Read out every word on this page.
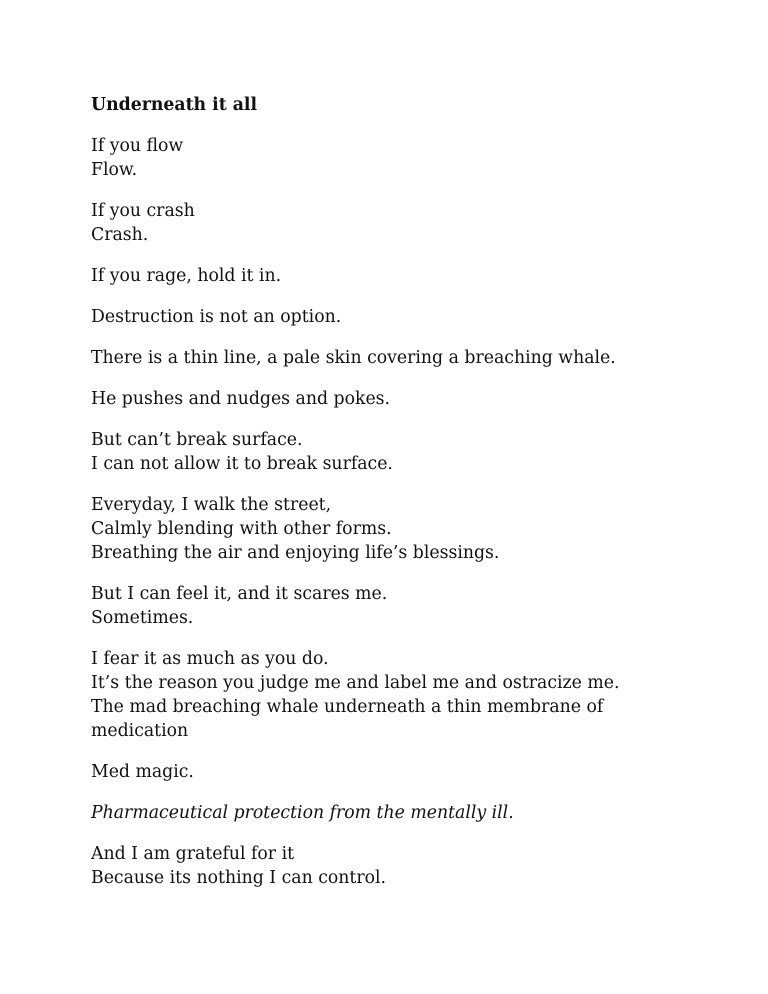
Underneath it all
If you flow
Flow.
If you crash
Crash.
If you rage, hold it in.
Destruction is not an option.
There is a thin line, a pale skin covering a breaching whale.
He pushes and nudges and pokes.
But can’t break surface.
I can not allow it to break surface.
Everyday, I walk the street,
Calmly blending with other forms.
Breathing the air and enjoying life’s blessings.
But I can feel it, and it scares me.
Sometimes.
I fear it as much as you do.
It’s the reason you judge me and label me and ostracize me.
The mad breaching whale underneath a thin membrane of
medication
Med magic.
Pharmaceutical protection from the mentally ill.
And I am grateful for it
Because its nothing I can control.
